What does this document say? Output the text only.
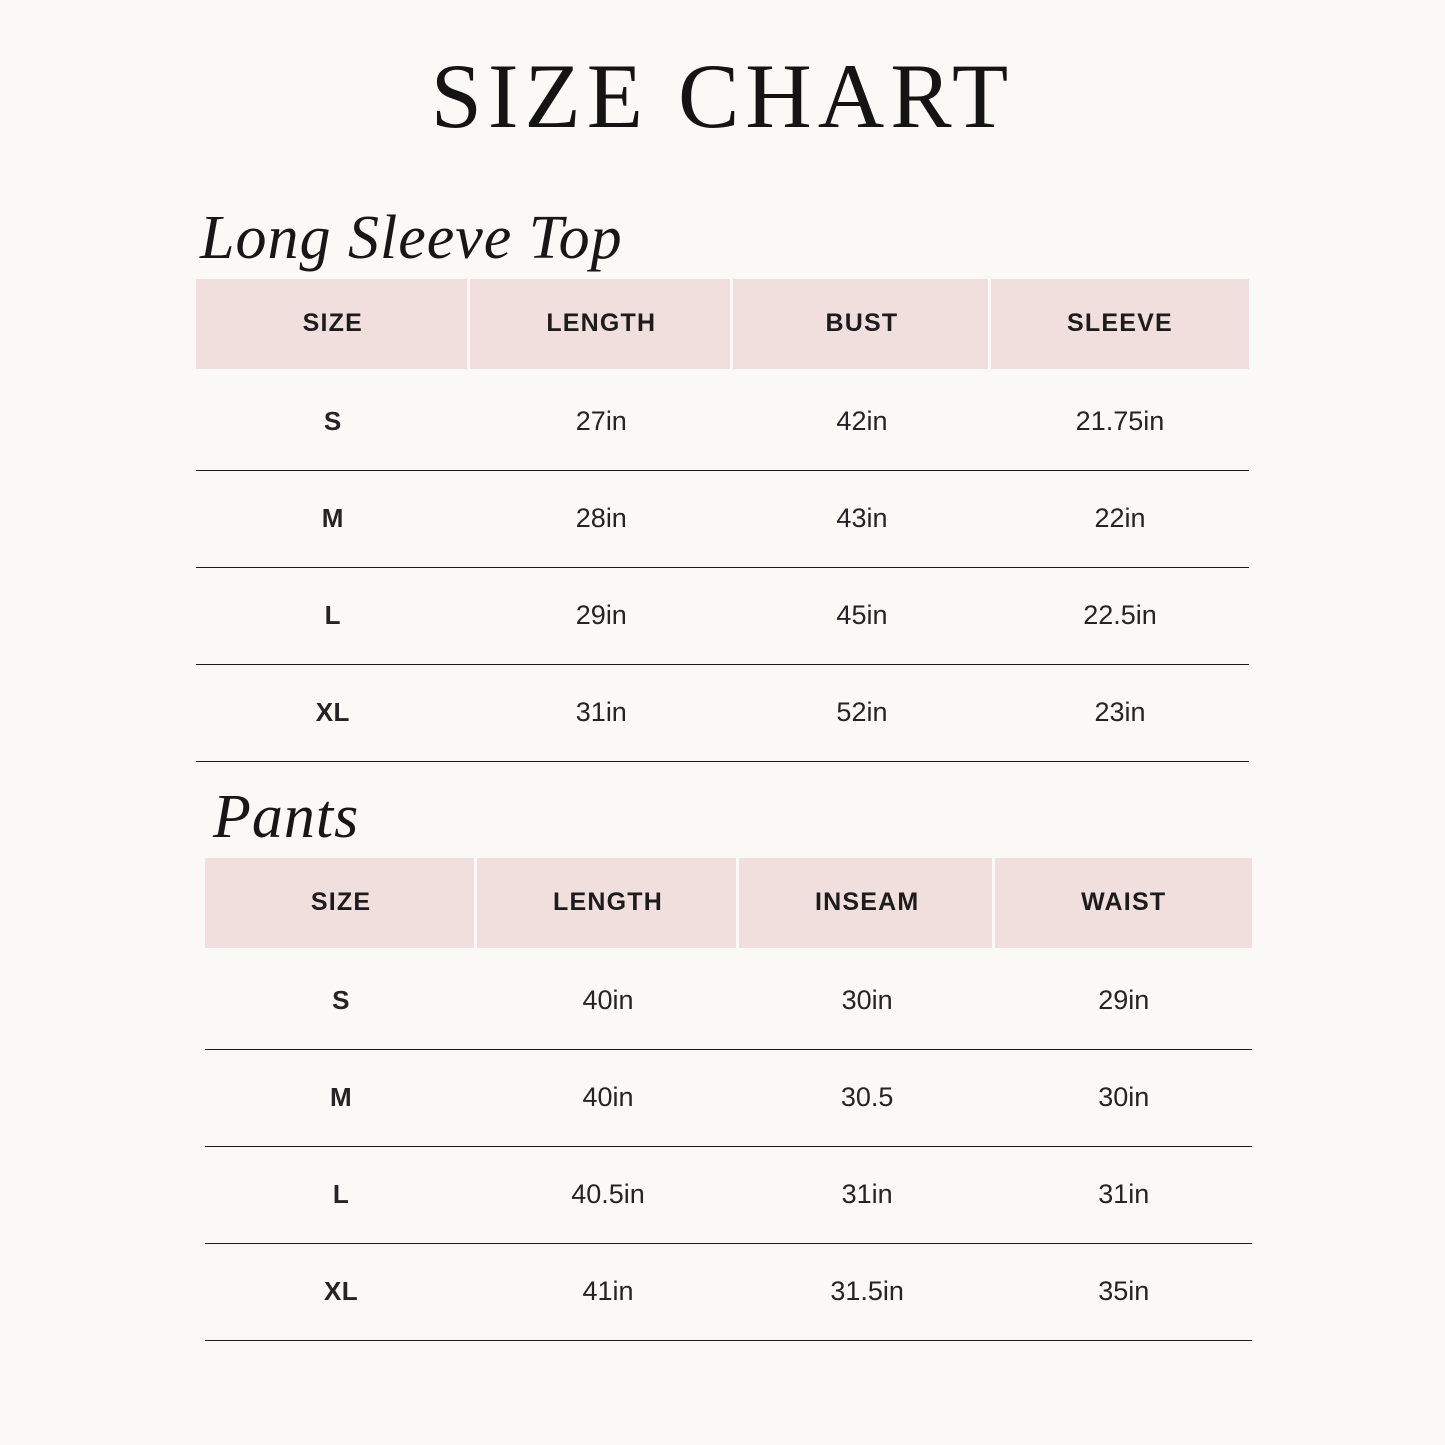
SIZE CHART
Long Sleeve Top
SIZE	LENGTH	BUST	SLEEVE
S	27in	42in	21.75in
M	28in	43in	22in
L	29in	45in	22.5in
XL	31in	52in	23in
Pants
SIZE	LENGTH	INSEAM	WAIST
S	40in	30in	29in
M	40in	30.5	30in
L	40.5in	31in	31in
XL	41in	31.5in	35in
